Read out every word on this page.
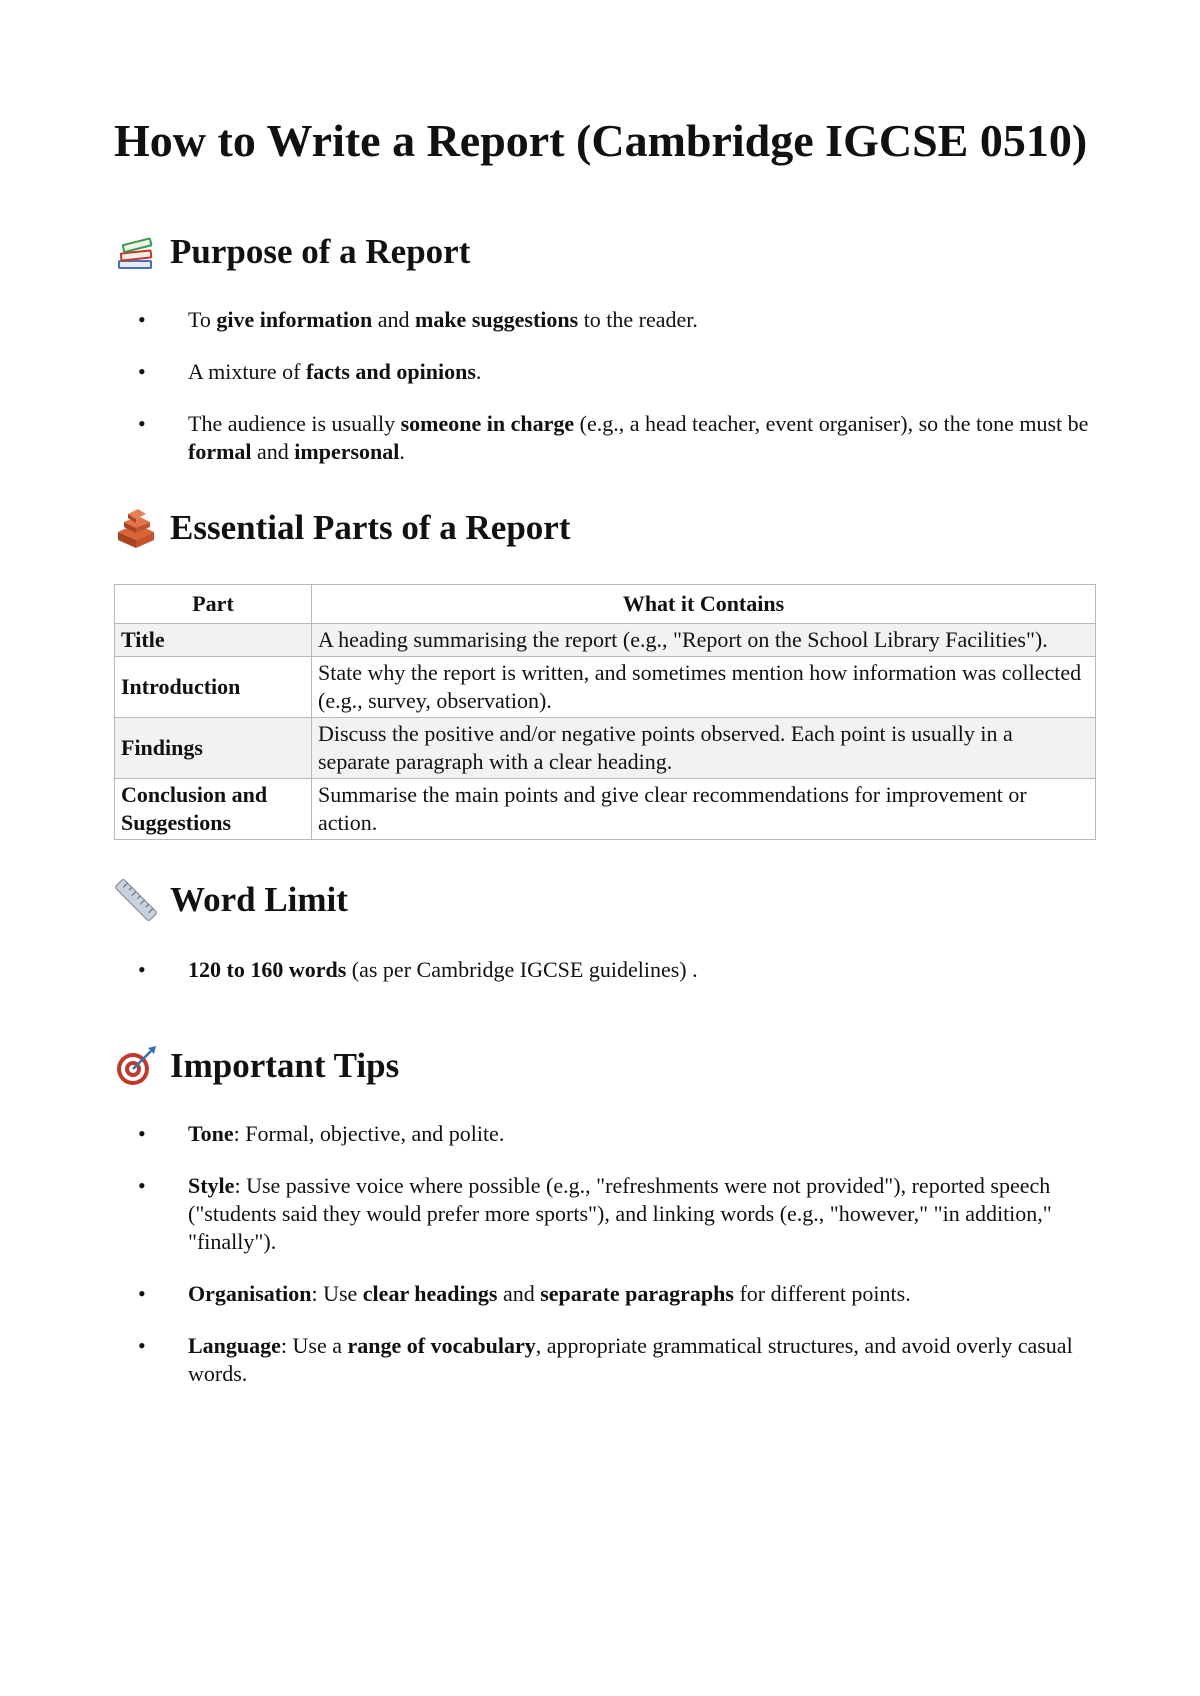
How to Write a Report (Cambridge IGCSE 0510)
Purpose of a Report
• To give information and make suggestions to the reader.
• A mixture of facts and opinions.
• The audience is usually someone in charge (e.g., a head teacher, event organiser), so the tone must be formal and impersonal.
Essential Parts of a Report
Part	What it Contains
Title	A heading summarising the report (e.g., "Report on the School Library Facilities").
Introduction	State why the report is written, and sometimes mention how information was collected (e.g., survey, observation).
Findings	Discuss the positive and/or negative points observed. Each point is usually in a separate paragraph with a clear heading.
Conclusion and Suggestions	Summarise the main points and give clear recommendations for improvement or action.
Word Limit
• 120 to 160 words (as per Cambridge IGCSE guidelines) .
Important Tips
• Tone: Formal, objective, and polite.
• Style: Use passive voice where possible (e.g., "refreshments were not provided"), reported speech ("students said they would prefer more sports"), and linking words (e.g., "however," "in addition," "finally").
• Organisation: Use clear headings and separate paragraphs for different points.
• Language: Use a range of vocabulary, appropriate grammatical structures, and avoid overly casual words.
